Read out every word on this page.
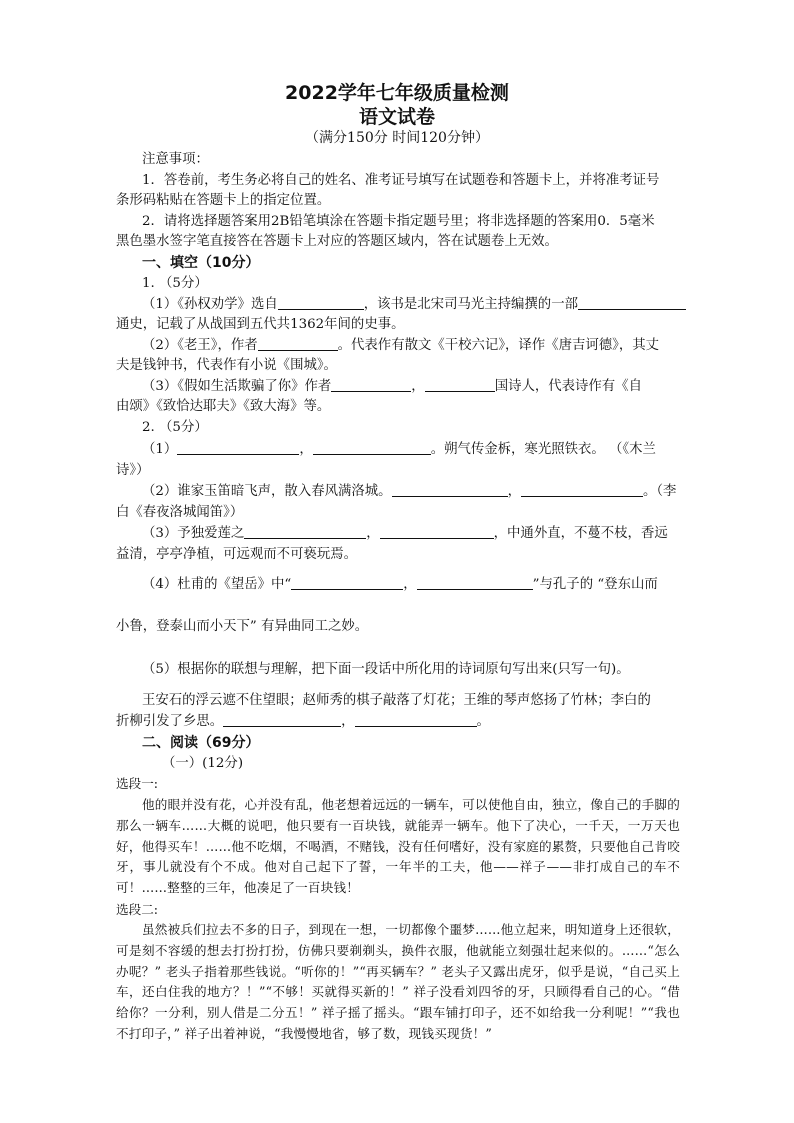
2022学年七年级质量检测
语文试卷
（满分150分 时间120分钟）
注意事项：
1．答卷前，考生务必将自己的姓名、准考证号填写在试题卷和答题卡上，并将准考证号
条形码粘贴在答题卡上的指定位置。
2．请将选择题答案用2B铅笔填涂在答题卡指定题号里；将非选择题的答案用0．5毫米
黑色墨水签字笔直接答在答题卡上对应的答题区域内，答在试题卷上无效。
一、填空（10分）
1. （5分）
（1）《孙权劝学》选自	，该书是北宋司马光主持编撰的一部
通史，记载了从战国到五代共1362年间的史事。
（2）《老王》，作者	。代表作有散文《干校六记》，译作《唐吉诃德》，其丈
夫是钱钟书，代表作有小说《围城》。
（3）《假如生活欺骗了你》作者	，	国诗人，代表诗作有《自
由颂》《致恰达耶夫》《致大海》等。
2. （5分）
（1）	，	。朔气传金柝，寒光照铁衣。 （《木兰
诗》）
（2）谁家玉笛暗飞声，散入春风满洛城。	，	。（李
白《春夜洛城闻笛》）
（3）予独爱莲之	，	，中通外直，不蔓不枝，香远
益清，亭亭净植，可远观而不可亵玩焉。
（4）杜甫的《望岳》中“	，	”与孔子的 “登东山而
小鲁，登泰山而小天下” 有异曲同工之妙。
（5）根据你的联想与理解，把下面一段话中所化用的诗词原句写出来(只写一句)。
王安石的浮云遮不住望眼；赵师秀的棋子敲落了灯花；王维的琴声悠扬了竹林；李白的
折柳引发了乡思。	，	。
二、阅读（69分）
（一）(12分)
选段一:
他的眼并没有花，心并没有乱，他老想着远远的一辆车，可以使他自由，独立，像自己的手脚的那么一辆车……大概的说吧，他只要有一百块钱，就能弄一辆车。他下了决心，一千天，一万天也好，他得买车！……他不吃烟，不喝酒，不赌钱，没有任何嗜好，没有家庭的累赘，只要他自己肯咬牙，事儿就没有个不成。他对自己起下了誓，一年半的工夫，他——祥子——非打成自己的车不可！……整整的三年，他凑足了一百块钱！
选段二:
虽然被兵们拉去不多的日子，到现在一想，一切都像个噩梦……他立起来，明知道身上还很软，可是刻不容缓的想去打扮打扮，仿佛只要剃剃头，换件衣服，他就能立刻强壮起来似的。……“怎么办呢？” 老头子指着那些钱说。“听你的！”“再买辆车？” 老头子又露出虎牙，似乎是说，“自己买上车，还白住我的地方？！”“不够！买就得买新的！” 祥子没看刘四爷的牙，只顾得看自己的心。“借给你？一分利，别人借是二分五！” 祥子摇了摇头。“跟车铺打印子，还不如给我一分利呢！”“我也不打印子，” 祥子出着神说，“我慢慢地省，够了数，现钱买现货！”
